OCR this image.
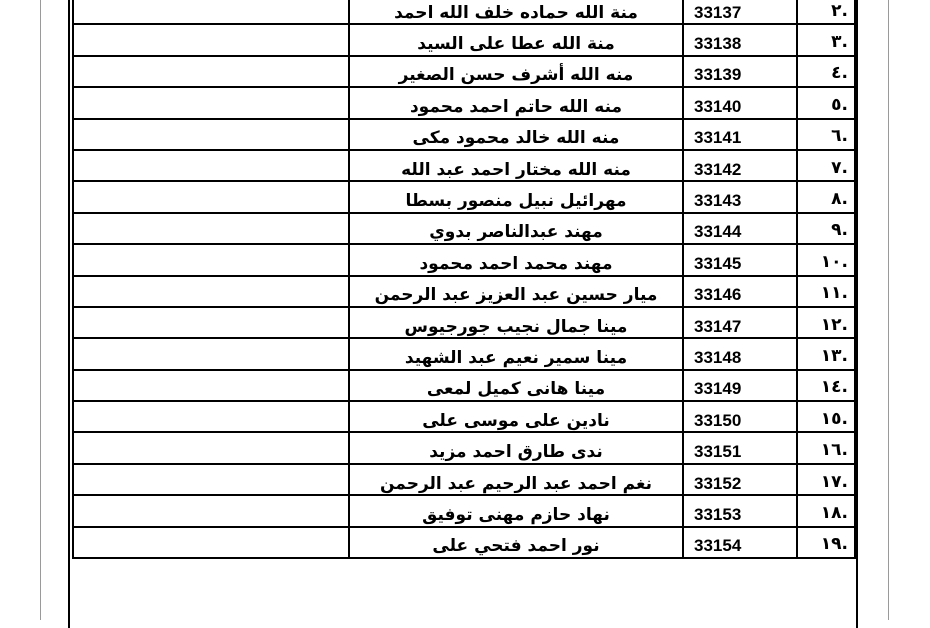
	منة الله حماده خلف الله احمد	33137	.٢
	منة الله عطا على السيد	33138	.٣
	منه الله أشرف حسن الصغير	33139	.٤
	منه الله حاتم احمد محمود	33140	.٥
	منه الله خالد محمود مكى	33141	.٦
	منه الله مختار احمد عبد الله	33142	.٧
	مهرائيل نبيل منصور بسطا	33143	.٨
	مهند عبدالناصر بدوي	33144	.٩
	مهند محمد احمد محمود	33145	.١٠
	ميار حسين عبد العزيز عبد الرحمن	33146	.١١
	مينا جمال نجيب جورجيوس	33147	.١٢
	مينا سمير نعيم عبد الشهيد	33148	.١٣
	مينا هانى كميل لمعى	33149	.١٤
	نادين على موسى على	33150	.١٥
	ندى طارق احمد مزيد	33151	.١٦
	نغم احمد عبد الرحيم عبد الرحمن	33152	.١٧
	نهاد حازم مهنى توفيق	33153	.١٨
	نور احمد فتحي على	33154	.١٩
